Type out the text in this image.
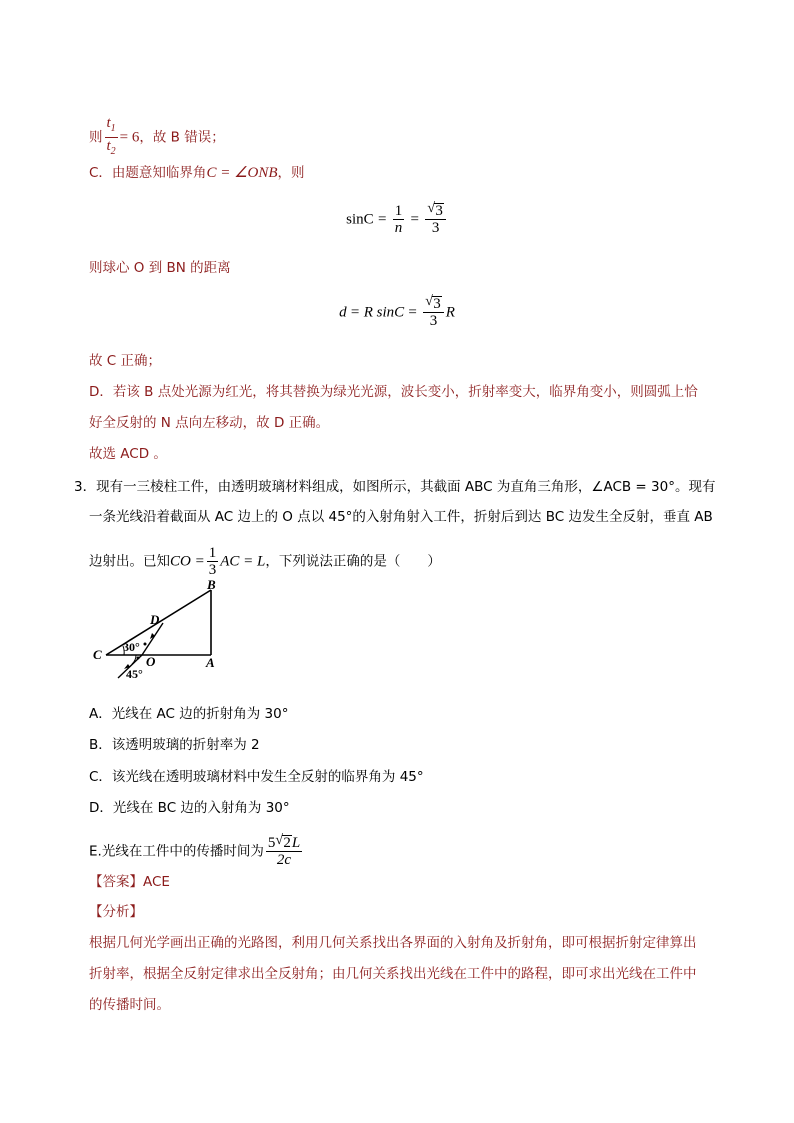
则 $\frac{t_1}{t_2} = 6$，故 B 错误；
C．由题意知临界角C = ∠ONB，则
$\sin C = \frac{1}{n} = \frac{√ 3}{3}$
则球心 O 到 BN 的距离
d = R $\sin C = \frac{√ 3}{3}$ R
故 C 正确；
D．若该 B 点处光源为红光，将其替换为绿光光源，波长变小，折射率变大，临界角变小，则圆弧上恰
好全反射的 N 点向左移动，故 D 正确。
故选 ACD 。
3．现有一三棱柱工件，由透明玻璃材料组成，如图所示，其截面 ABC 为直角三角形，∠ACB = 30°。现有
一条光线沿着截面从 AC 边上的 O 点以 45°的入射角射入工件，折射后到达 BC 边发生全反射，垂直 AB
边射出。已知CO = $\frac{1}{3}$ AC = L，下列说法正确的是（　　）
B
D
C	O	A
30°
45°
A．光线在 AC 边的折射角为 30°
B．该透明玻璃的折射率为 2
C．该光线在透明玻璃材料中发生全反射的临界角为 45°
D．光线在 BC 边的入射角为 30°
E.光线在工件中的传播时间为 $\frac{5 √ 2L}{2c}$
【答案】ACE
【分析】
根据几何光学画出正确的光路图，利用几何关系找出各界面的入射角及折射角，即可根据折射定律算出
折射率，根据全反射定律求出全反射角；由几何关系找出光线在工件中的路程，即可求出光线在工件中
的传播时间。
